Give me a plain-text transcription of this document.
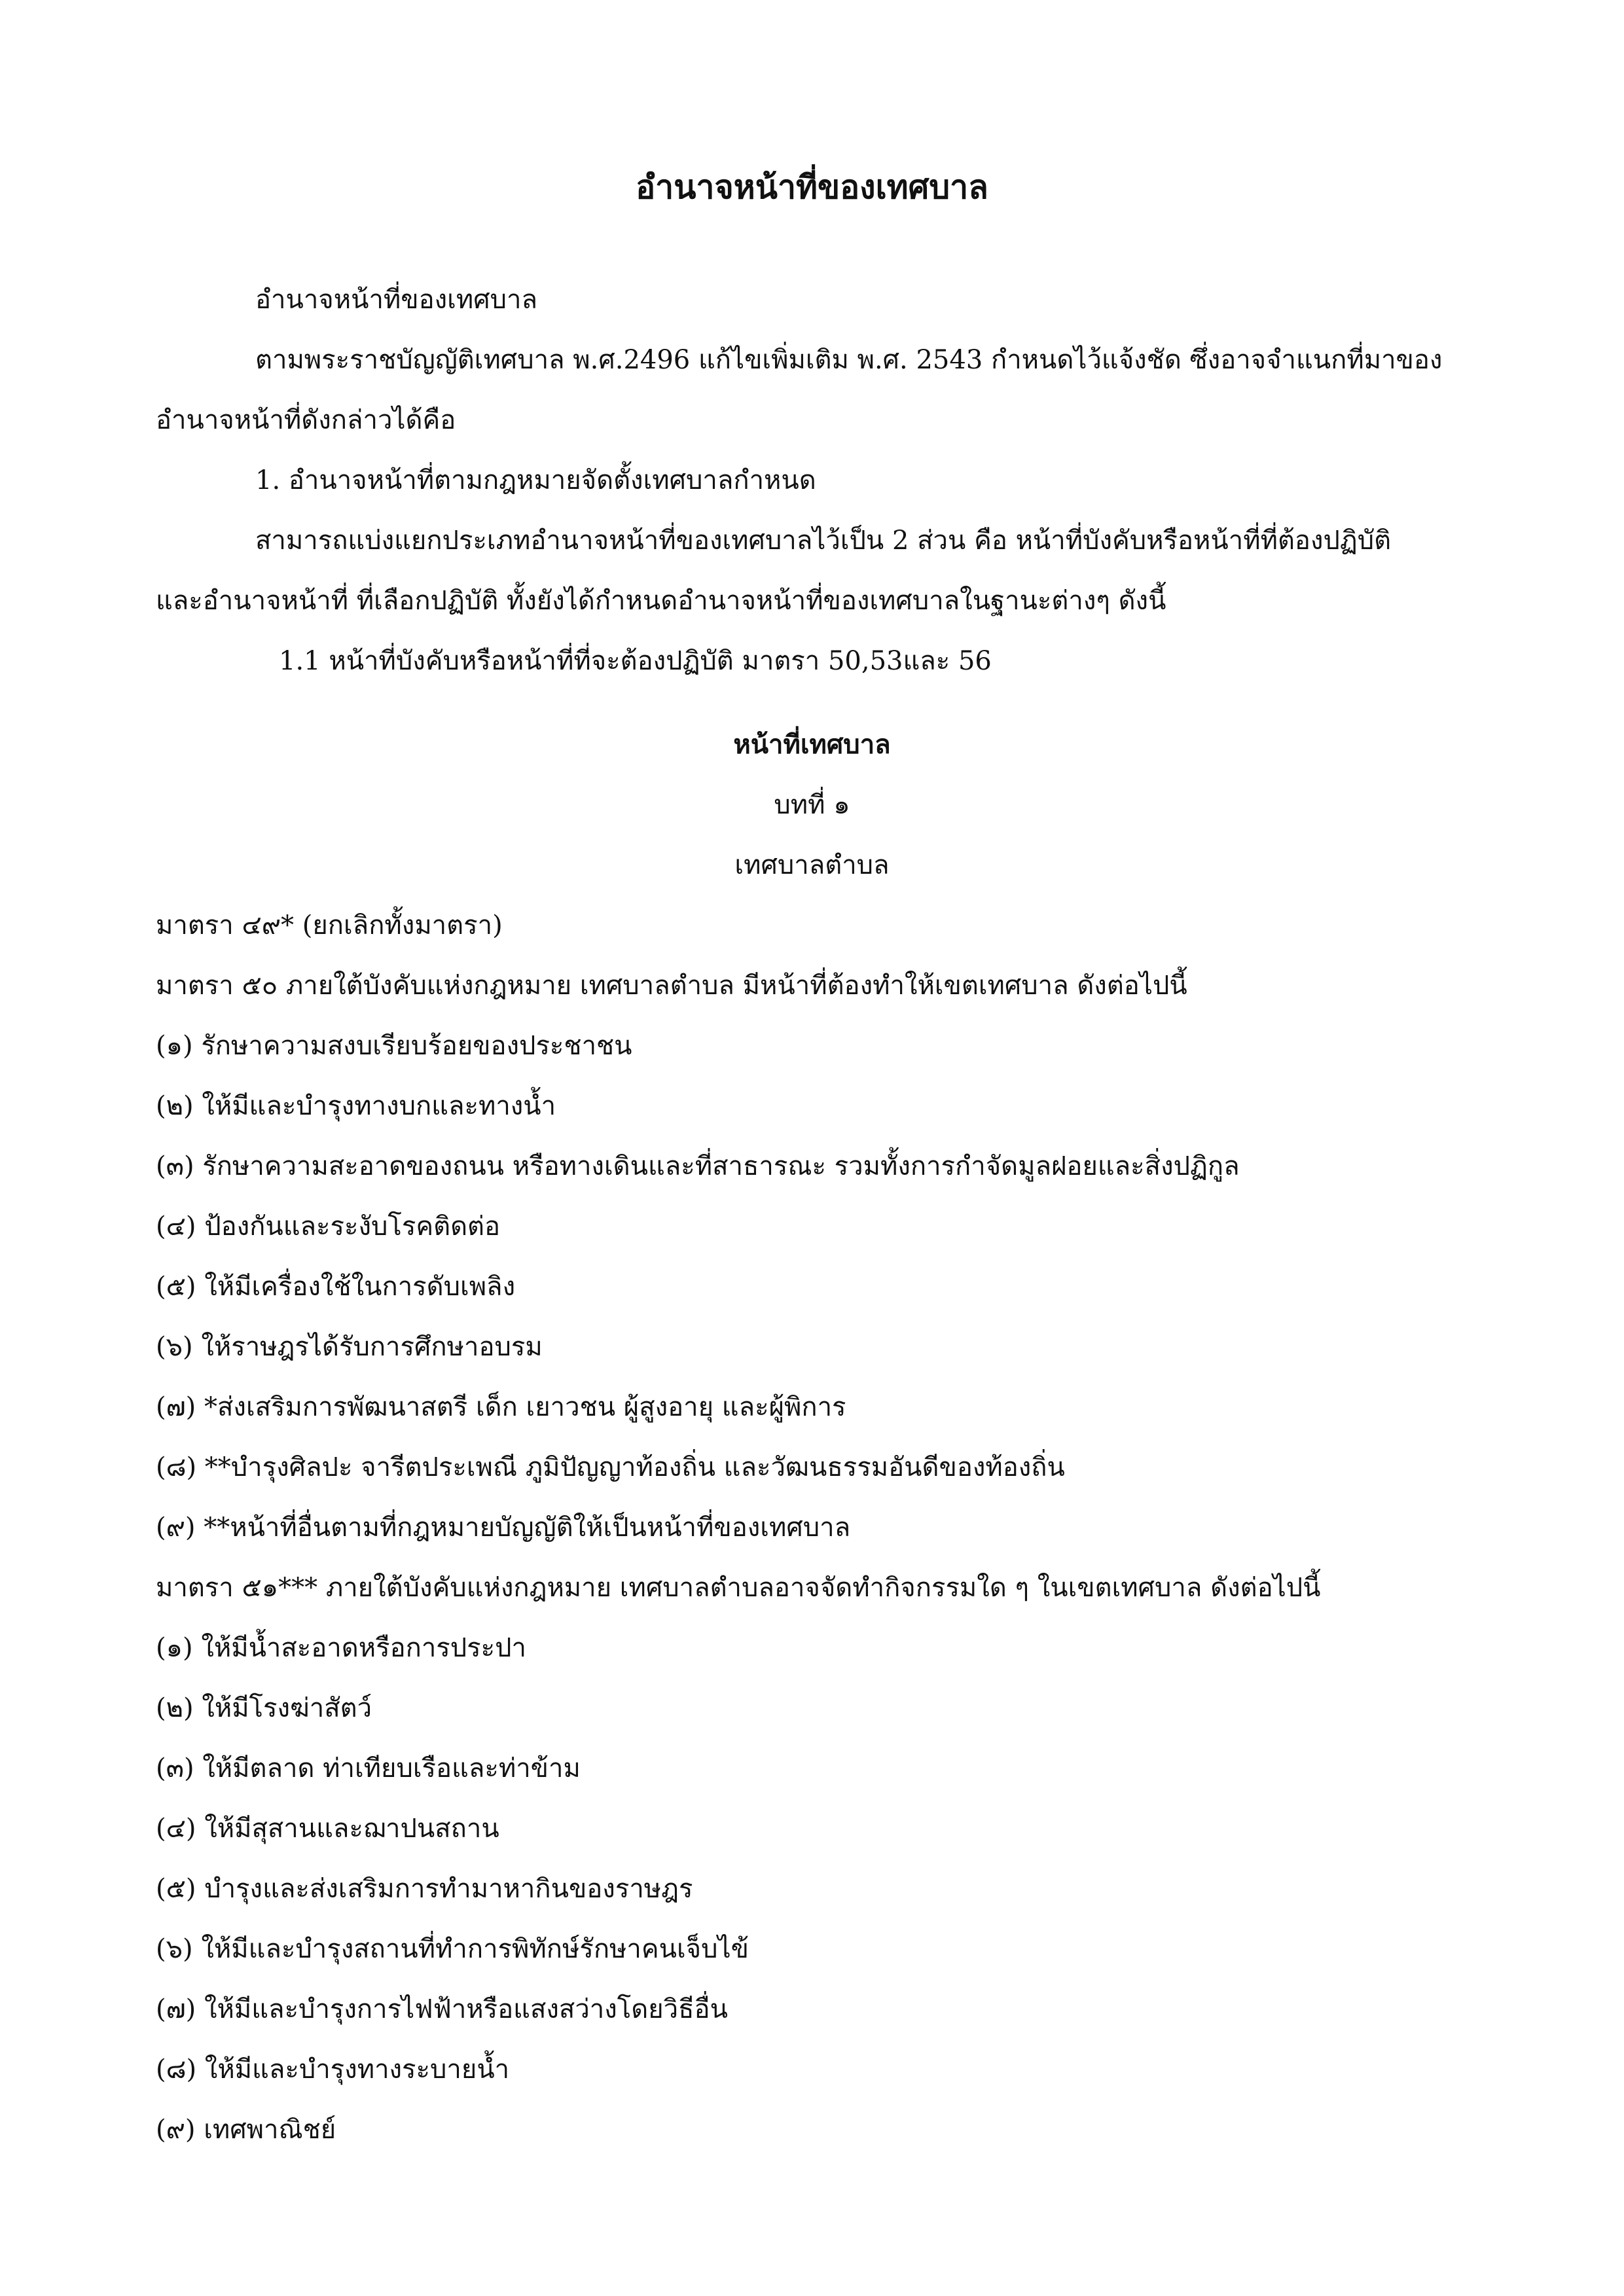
อำนาจหน้าที่ของเทศบาล

อำนาจหน้าที่ของเทศบาล

ตามพระราชบัญญัติเทศบาล พ.ศ.2496 แก้ไขเพิ่มเติม พ.ศ. 2543 กำหนดไว้แจ้งชัด ซึ่งอาจจำแนกที่มาของ

อำนาจหน้าที่ดังกล่าวได้คือ

1. อำนาจหน้าที่ตามกฎหมายจัดตั้งเทศบาลกำหนด

สามารถแบ่งแยกประเภทอำนาจหน้าที่ของเทศบาลไว้เป็น 2 ส่วน คือ หน้าที่บังคับหรือหน้าที่ที่ต้องปฏิบัติ

และอำนาจหน้าที่ ที่เลือกปฏิบัติ ทั้งยังได้กำหนดอำนาจหน้าที่ของเทศบาลในฐานะต่างๆ ดังนี้

1.1 หน้าที่บังคับหรือหน้าที่ที่จะต้องปฏิบัติ มาตรา 50,53และ 56

หน้าที่เทศบาล

บทที่ ๑

เทศบาลตำบล

มาตรา ๔๙* (ยกเลิกทั้งมาตรา)

มาตรา ๕๐ ภายใต้บังคับแห่งกฎหมาย เทศบาลตำบล มีหน้าที่ต้องทำให้เขตเทศบาล ดังต่อไปนี้

(๑) รักษาความสงบเรียบร้อยของประชาชน

(๒) ให้มีและบำรุงทางบกและทางน้ำ

(๓) รักษาความสะอาดของถนน หรือทางเดินและที่สาธารณะ รวมทั้งการกำจัดมูลฝอยและสิ่งปฏิกูล

(๔) ป้องกันและระงับโรคติดต่อ

(๕) ให้มีเครื่องใช้ในการดับเพลิง

(๖) ให้ราษฎรได้รับการศึกษาอบรม

(๗) *ส่งเสริมการพัฒนาสตรี เด็ก เยาวชน ผู้สูงอายุ และผู้พิการ

(๘) **บำรุงศิลปะ จารีตประเพณี ภูมิปัญญาท้องถิ่น และวัฒนธรรมอันดีของท้องถิ่น

(๙) **หน้าที่อื่นตามที่กฎหมายบัญญัติให้เป็นหน้าที่ของเทศบาล

มาตรา ๕๑*** ภายใต้บังคับแห่งกฎหมาย เทศบาลตำบลอาจจัดทำกิจกรรมใด ๆ ในเขตเทศบาล ดังต่อไปนี้

(๑) ให้มีน้ำสะอาดหรือการประปา

(๒) ให้มีโรงฆ่าสัตว์

(๓) ให้มีตลาด ท่าเทียบเรือและท่าข้าม

(๔) ให้มีสุสานและฌาปนสถาน

(๕) บำรุงและส่งเสริมการทำมาหากินของราษฎร

(๖) ให้มีและบำรุงสถานที่ทำการพิทักษ์รักษาคนเจ็บไข้

(๗) ให้มีและบำรุงการไฟฟ้าหรือแสงสว่างโดยวิธีอื่น

(๘) ให้มีและบำรุงทางระบายน้ำ

(๙) เทศพาณิชย์
